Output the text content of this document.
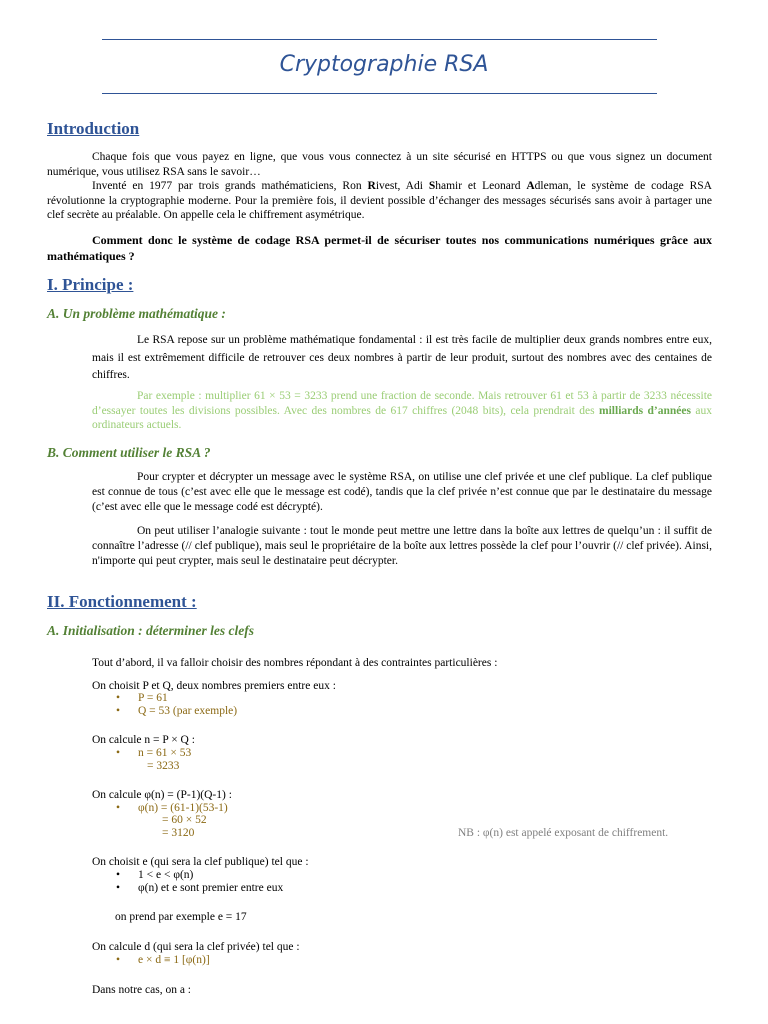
Cryptographie RSA
Introduction
Chaque fois que vous payez en ligne, que vous vous connectez à un site sécurisé en HTTPS ou que vous signez un document numérique, vous utilisez RSA sans le savoir…
Inventé en 1977 par trois grands mathématiciens, Ron Rivest, Adi Shamir et Leonard Adleman, le système de codage RSA révolutionne la cryptographie moderne. Pour la première fois, il devient possible d’échanger des messages sécurisés sans avoir à partager une clef secrète au préalable. On appelle cela le chiffrement asymétrique.
Comment donc le système de codage RSA permet-il de sécuriser toutes nos communications numériques grâce aux mathématiques ?
I. Principe :
A. Un problème mathématique :
Le RSA repose sur un problème mathématique fondamental : il est très facile de multiplier deux grands nombres entre eux, mais il est extrêmement difficile de retrouver ces deux nombres à partir de leur produit, surtout des nombres avec des centaines de chiffres.
Par exemple : multiplier 61 × 53 = 3233 prend une fraction de seconde. Mais retrouver 61 et 53 à partir de 3233 nécessite d’essayer toutes les divisions possibles. Avec des nombres de 617 chiffres (2048 bits), cela prendrait des milliards d’années aux ordinateurs actuels.
B. Comment utiliser le RSA ?
Pour crypter et décrypter un message avec le système RSA, on utilise une clef privée et une clef publique. La clef publique est connue de tous (c’est avec elle que le message est codé), tandis que la clef privée n’est connue que par le destinataire du message (c’est avec elle que le message codé est décrypté).
On peut utiliser l’analogie suivante : tout le monde peut mettre une lettre dans la boîte aux lettres de quelqu’un : il suffit de connaître l’adresse (// clef publique), mais seul le propriétaire de la boîte aux lettres possède la clef pour l’ouvrir (// clef privée). Ainsi, n'importe qui peut crypter, mais seul le destinataire peut décrypter.
II. Fonctionnement :
A. Initialisation : déterminer les clefs
Tout d’abord, il va falloir choisir des nombres répondant à des contraintes particulières :
On choisit P et Q, deux nombres premiers entre eux :
• P = 61
• Q = 53 (par exemple)
On calcule n = P × Q :
• n = 61 × 53
= 3233
On calcule φ(n) = (P-1)(Q-1) :
• φ(n) = (61-1)(53-1)
= 60 × 52
= 3120	NB : φ(n) est appelé exposant de chiffrement.
On choisit e (qui sera la clef publique) tel que :
• 1 < e < φ(n)
• φ(n) et e sont premier entre eux
on prend par exemple e = 17
On calcule d (qui sera la clef privée) tel que :
• e × d ≡ 1 [φ(n)]
Dans notre cas, on a :
